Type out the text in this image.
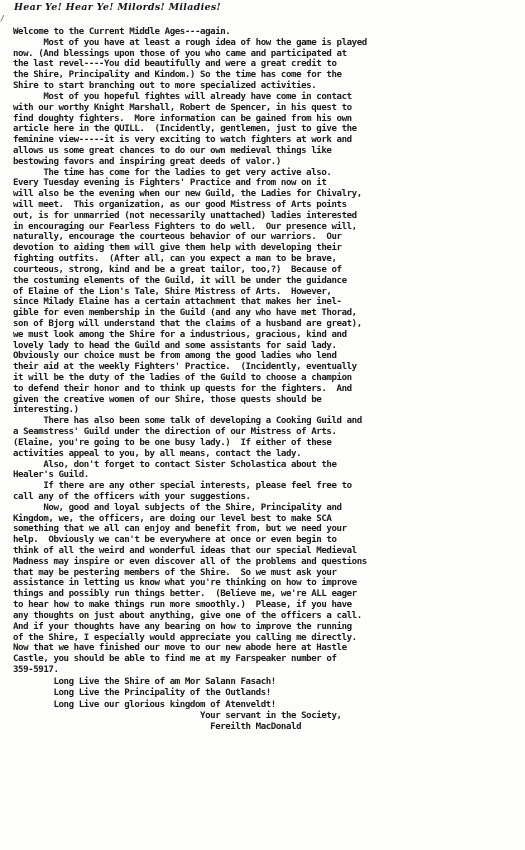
/
Hear Ye! Hear Ye! Milords! Miladies!
Welcome to the Current Middle Ages---again.
Most of you have at least a rough idea of how the game is played
now. (And blessings upon those of you who came and participated at
the last revel----You did beautifully and were a great credit to
the Shire, Principality and Kindom.) So the time has come for the
Shire to start branching out to more specialized activities.
Most of you hopeful fightes will already have come in contact
with our worthy Knight Marshall, Robert de Spencer, in his quest to
find doughty fighters.  More information can be gained from his own
article here in the QUILL.  (Incidently, gentlemen, just to give the
feminine view-----it is very exciting to watch fighters at work and
allows us some great chances to do our own medieval things like
bestowing favors and inspiring great deeds of valor.)
The time has come for the ladies to get very active also.
Every Tuesday evening is Fighters' Practice and from now on it
will also be the evening when our new Guild, the Ladies for Chivalry,
will meet.  This organization, as our good Mistress of Arts points
out, is for unmarried (not necessarily unattached) ladies interested
in encouraging our Fearless Fighters to do well.  Our presence will,
naturally, encourage the courteous behavior of our warriors.  Our
devotion to aiding them will give them help with developing their
fighting outfits.  (After all, can you expect a man to be brave,
courteous, strong, kind and be a great tailor, too,?)  Because of
the costuming elements of the Guild, it will be under the guidance
of Elaine of the Lion's Tale, Shire Mistress of Arts.  However,
since Milady Elaine has a certain attachment that makes her inel-
gible for even membership in the Guild (and any who have met Thorad,
son of Bjorg will understand that the claims of a husband are great),
we must look among the Shire for a industrious, gracious, kind and
lovely lady to head the Guild and some assistants for said lady.
Obviously our choice must be from among the good ladies who lend
their aid at the weekly Fighters' Practice.  (Incidently, eventually
it will be the duty of the ladies of the Guild to choose a champion
to defend their honor and to think up quests for the fighters.  And
given the creative women of our Shire, those quests should be
interesting.)
There has also been some talk of developing a Cooking Guild and
a Seamstress' Guild under the direction of our Mistress of Arts.
(Elaine, you're going to be one busy lady.)  If either of these
activities appeal to you, by all means, contact the lady.
Also, don't forget to contact Sister Scholastica about the
Healer's Guild.
If there are any other special interests, please feel free to
call any of the officers with your suggestions.
Now, good and loyal subjects of the Shire, Principality and
Kingdom, we, the officers, are doing our level best to make SCA
something that we all can enjoy and benefit from, but we need your
help.  Obviously we can't be everywhere at once or even begin to
think of all the weird and wonderful ideas that our special Medieval
Madness may inspire or even discover all of the problems and questions
that may be pestering members of the Shire.  So we must ask your
assistance in letting us know what you're thinking on how to improve
things and possibly run things better.  (Believe me, we're ALL eager
to hear how to make things run more smoothly.)  Please, if you have
any thoughts on just about anything, give one of the officers a call.
And if your thoughts have any bearing on how to improve the running
of the Shire, I especially would appreciate you calling me directly.
Now that we have finished our move to our new abode here at Hastle
Castle, you should be able to find me at my Farspeaker number of
359-5917.
Long Live the Shire of am Mor Salann Fasach!
Long Live the Principality of the Outlands!
Long Live our glorious kingdom of Atenveldt!
Your servant in the Society,
Fereilth MacDonald
